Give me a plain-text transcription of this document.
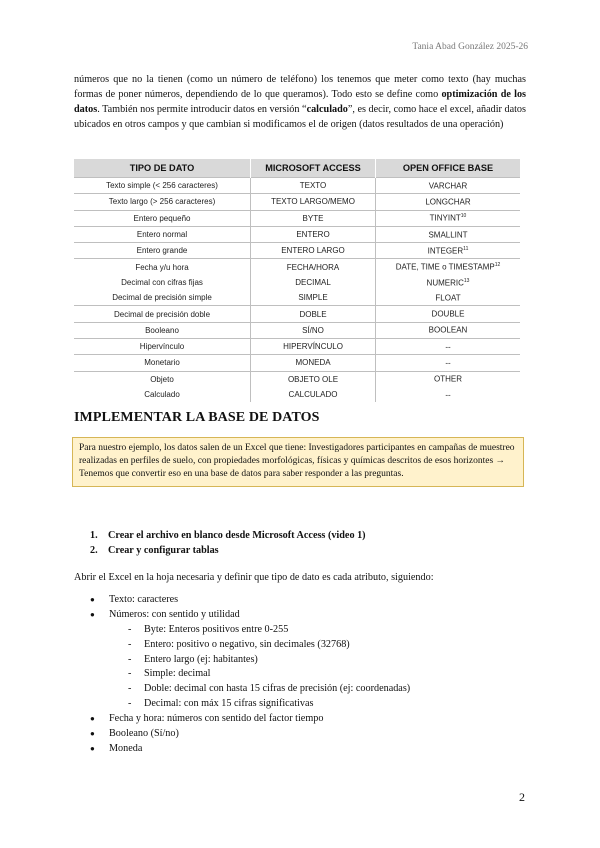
Tania Abad González 2025-26
números que no la tienen (como un número de teléfono) los tenemos que meter como texto (hay muchas formas de poner números, dependiendo de lo que queramos). Todo esto se define como optimización de los datos. También nos permite introducir datos en versión “calculado”, es decir, como hace el excel, añadir datos ubicados en otros campos y que cambian si modificamos el de origen (datos resultados de una operación)
TIPO DE DATO	MICROSOFT ACCESS	OPEN OFFICE BASE
Texto simple (< 256 caracteres)	TEXTO	VARCHAR
Texto largo (> 256 caracteres)	TEXTO LARGO/MEMO	LONGCHAR
Entero pequeño	BYTE	TINYINT$^{10}$
Entero normal	ENTERO	SMALLINT
Entero grande	ENTERO LARGO	INTEGER$^{11}$
Fecha y/u hora	FECHA/HORA	DATE, TIME o TIMESTAMP$^{12}$
Decimal con cifras fijas	DECIMAL	NUMERIC$^{13}$
Decimal de precisión simple	SIMPLE	FLOAT
Decimal de precisión doble	DOBLE	DOUBLE
Booleano	SÍ/NO	BOOLEAN
Hipervínculo	HIPERVÍNCULO	--
Monetario	MONEDA	--
Objeto	OBJETO OLE	OTHER
Calculado	CALCULADO	--
IMPLEMENTAR LA BASE DE DATOS
Para nuestro ejemplo, los datos salen de un Excel que tiene: Investigadores participantes en campañas de muestreo realizadas en perfiles de suelo, con propiedades morfológicas, físicas y químicas descritos de esos horizontes → Tenemos que convertir eso en una base de datos para saber responder a las preguntas.
1. Crear el archivo en blanco desde Microsoft Access (video 1)
2. Crear y configurar tablas
Abrir el Excel en la hoja necesaria y definir que tipo de dato es cada atributo, siguiendo:
● Texto: caracteres
● Números: con sentido y utilidad
- Byte: Enteros positivos entre 0-255
- Entero: positivo o negativo, sin decimales (32768)
- Entero largo (ej: habitantes)
- Simple: decimal
- Doble: decimal con hasta 15 cifras de precisión (ej: coordenadas)
- Decimal: con máx 15 cifras significativas
● Fecha y hora: números con sentido del factor tiempo
● Booleano (Sí/no)
● Moneda
2
